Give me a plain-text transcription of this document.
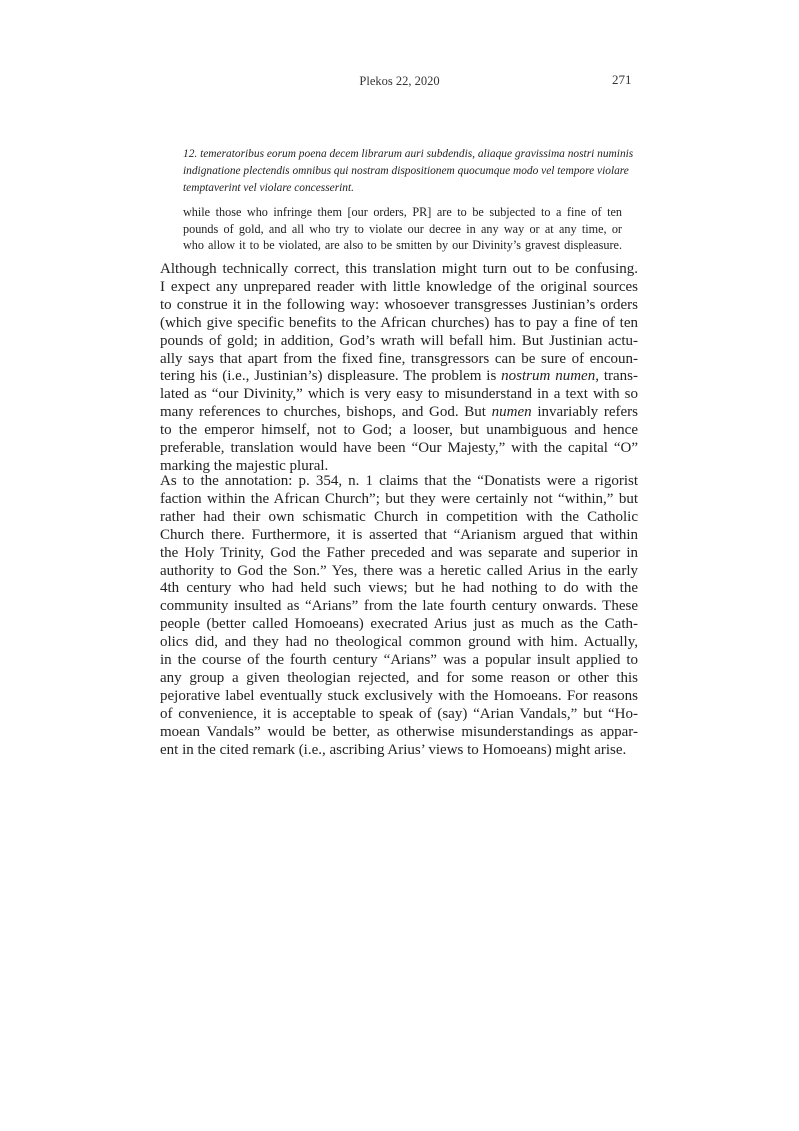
Plekos 22, 2020	271
12. temeratoribus eorum poena decem librarum auri subdendis, aliaque gravissima nostri numinis
indignatione plectendis omnibus qui nostram dispositionem quocumque modo vel tempore violare
temptaverint vel violare concesserint.
while those who infringe them [our orders, PR] are to be subjected to a fine of ten
pounds of gold, and all who try to violate our decree in any way or at any time, or
who allow it to be violated, are also to be smitten by our Divinity’s gravest displeasure.
Although technically correct, this translation might turn out to be confusing.
I expect any unprepared reader with little knowledge of the original sources
to construe it in the following way: whosoever transgresses Justinian’s orders
(which give specific benefits to the African churches) has to pay a fine of ten
pounds of gold; in addition, God’s wrath will befall him. But Justinian actu-
ally says that apart from the fixed fine, transgressors can be sure of encoun-
tering his (i.e., Justinian’s) displeasure. The problem is nostrum numen, trans-
lated as “our Divinity,” which is very easy to misunderstand in a text with so
many references to churches, bishops, and God. But numen invariably refers
to the emperor himself, not to God; a looser, but unambiguous and hence
preferable, translation would have been “Our Majesty,” with the capital “O”
marking the majestic plural.
As to the annotation: p. 354, n. 1 claims that the “Donatists were a rigorist
faction within the African Church”; but they were certainly not “within,” but
rather had their own schismatic Church in competition with the Catholic
Church there. Furthermore, it is asserted that “Arianism argued that within
the Holy Trinity, God the Father preceded and was separate and superior in
authority to God the Son.” Yes, there was a heretic called Arius in the early
4th century who had held such views; but he had nothing to do with the
community insulted as “Arians” from the late fourth century onwards. These
people (better called Homoeans) execrated Arius just as much as the Cath-
olics did, and they had no theological common ground with him. Actually,
in the course of the fourth century “Arians” was a popular insult applied to
any group a given theologian rejected, and for some reason or other this
pejorative label eventually stuck exclusively with the Homoeans. For reasons
of convenience, it is acceptable to speak of (say) “Arian Vandals,” but “Ho-
moean Vandals” would be better, as otherwise misunderstandings as appar-
ent in the cited remark (i.e., ascribing Arius’ views to Homoeans) might arise.
